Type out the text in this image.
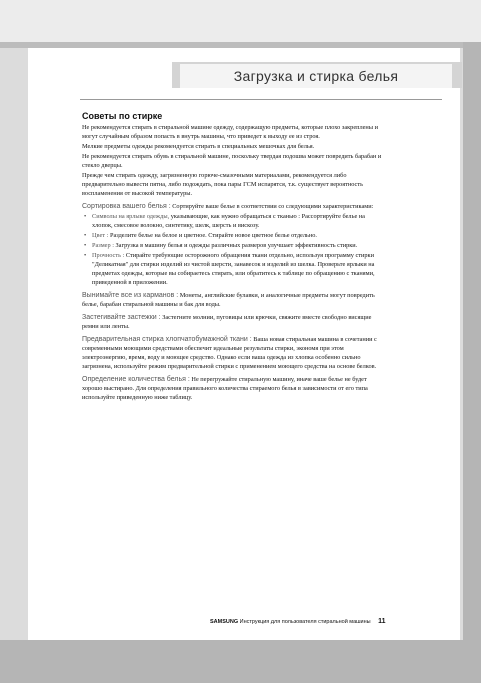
Загрузка и стирка белья
Советы по стирке

Не рекомендуется стирать в стиральной машине одежду, содержащую предметы, которые плохо закреплены и могут случайным образом попасть в внутрь машины, что приведет к выходу ее из строя.

Мелкие предметы одежды рекомендуется стирать в специальных мешочках для белья.

Не рекомендуется стирать обувь в стиральной машине, поскольку твердая подошва может повредить барабан и стекло дверцы.

Прежде чем стирать одежду, загрязненную горюче-смазочными материалами, рекомендуется либо предварительно вывести пятна, либо подождать, пока пары ГСМ испарятся, т.к. существует вероятность воспламенения от высокой температуры.

Сортировка вашего белья : Сортируйте ваше белье в соответствии со следующими характеристиками:
• Символы на ярлыке одежды, указывающие, как нужно обращаться с тканью : Рассортируйте белье на хлопок, смесовое волокно, синтетику, шелк, шерсть и вискозу.
• Цвет : Разделите белье на белое и цветное. Стирайте новое цветное белье отдельно.
• Размер : Загрузка в машину белья и одежды различных размеров улучшает эффективность стирки.
• Прочность : Стирайте требующие осторожного обращения ткани отдельно, используя программу стирки "Деликатная" для стирки изделий из чистой шерсти, занавесок и изделий из шелка. Проверьте ярлыки на предметах одежды, которые вы собираетесь стирать, или обратитесь к таблице по обращению с тканями, приведенной в приложении.
Вынимайте все из карманов : Монеты, английские булавки, и аналогичные предметы могут повредить белье, барабан стиральной машины и бак для воды.
Застегивайте застежки : Застегните молнии, пуговицы или крючки, свяжите вместе свободно висящие ремни или ленты.
Предварительная стирка хлопчатобумажной ткани : Ваша новая стиральная машина в сочетании с современными моющими средствами обеспечит идеальные результаты стирки, экономя при этом электроэнергию, время, воду и моющее средство. Однако если ваша одежда из хлопка особенно сильно загрязнена, используйте режим предварительной стирки с применением моющего средства на основе белков.
Определение количества белья : Не перегружайте стиральную машину, иначе ваше белье не будет хорошо выстирано. Для определения правильного количества стираемого белья в зависимости от его типа используйте приведенную ниже таблицу.
SAMSUNG Инструкция для пользователя стиральной машины 11
